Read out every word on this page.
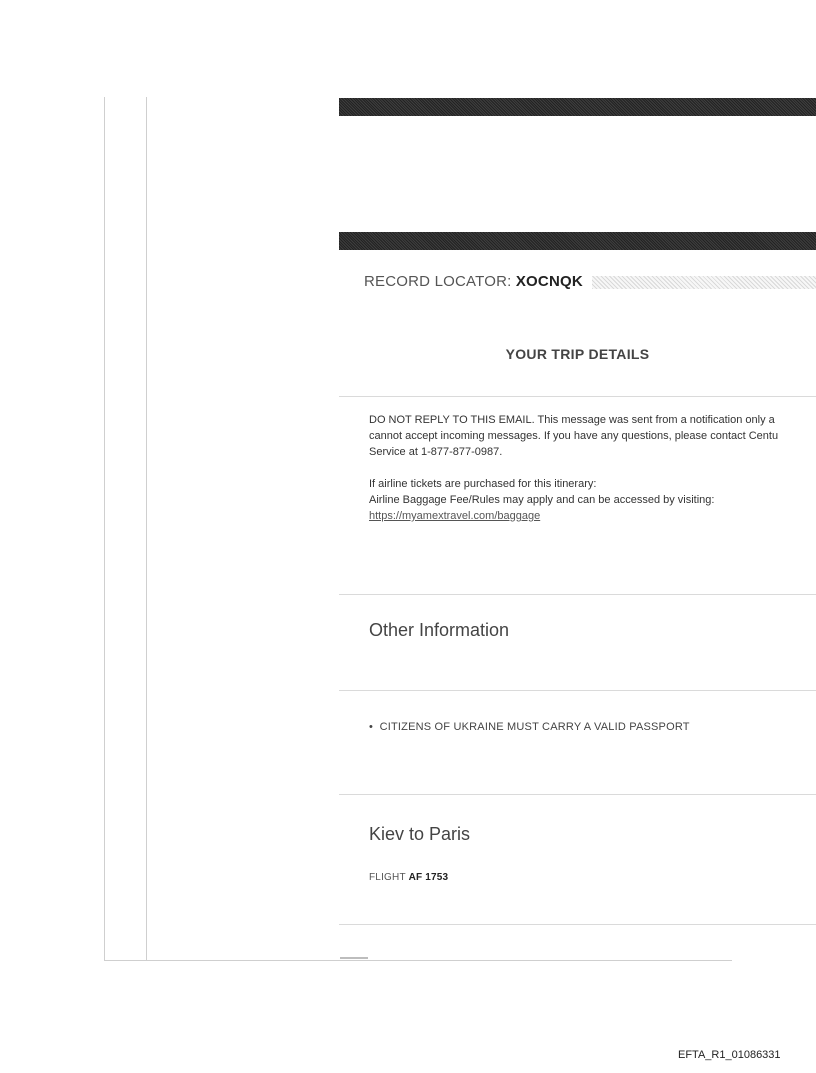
RECORD LOCATOR: XOCNQK
YOUR TRIP DETAILS

DO NOT REPLY TO THIS EMAIL. This message was sent from a notification only a

cannot accept incoming messages. If you have any questions, please contact Centu

Service at 1-877-877-0987.

If airline tickets are purchased for this itinerary:

Airline Baggage Fee/Rules may apply and can be accessed by visiting:

https://myamextravel.com/baggage

Other Information
•  CITIZENS OF UKRAINE MUST CARRY A VALID PASSPORT
Kiev to Paris
FLIGHT AF 1753
EFTA_R1_01086331
